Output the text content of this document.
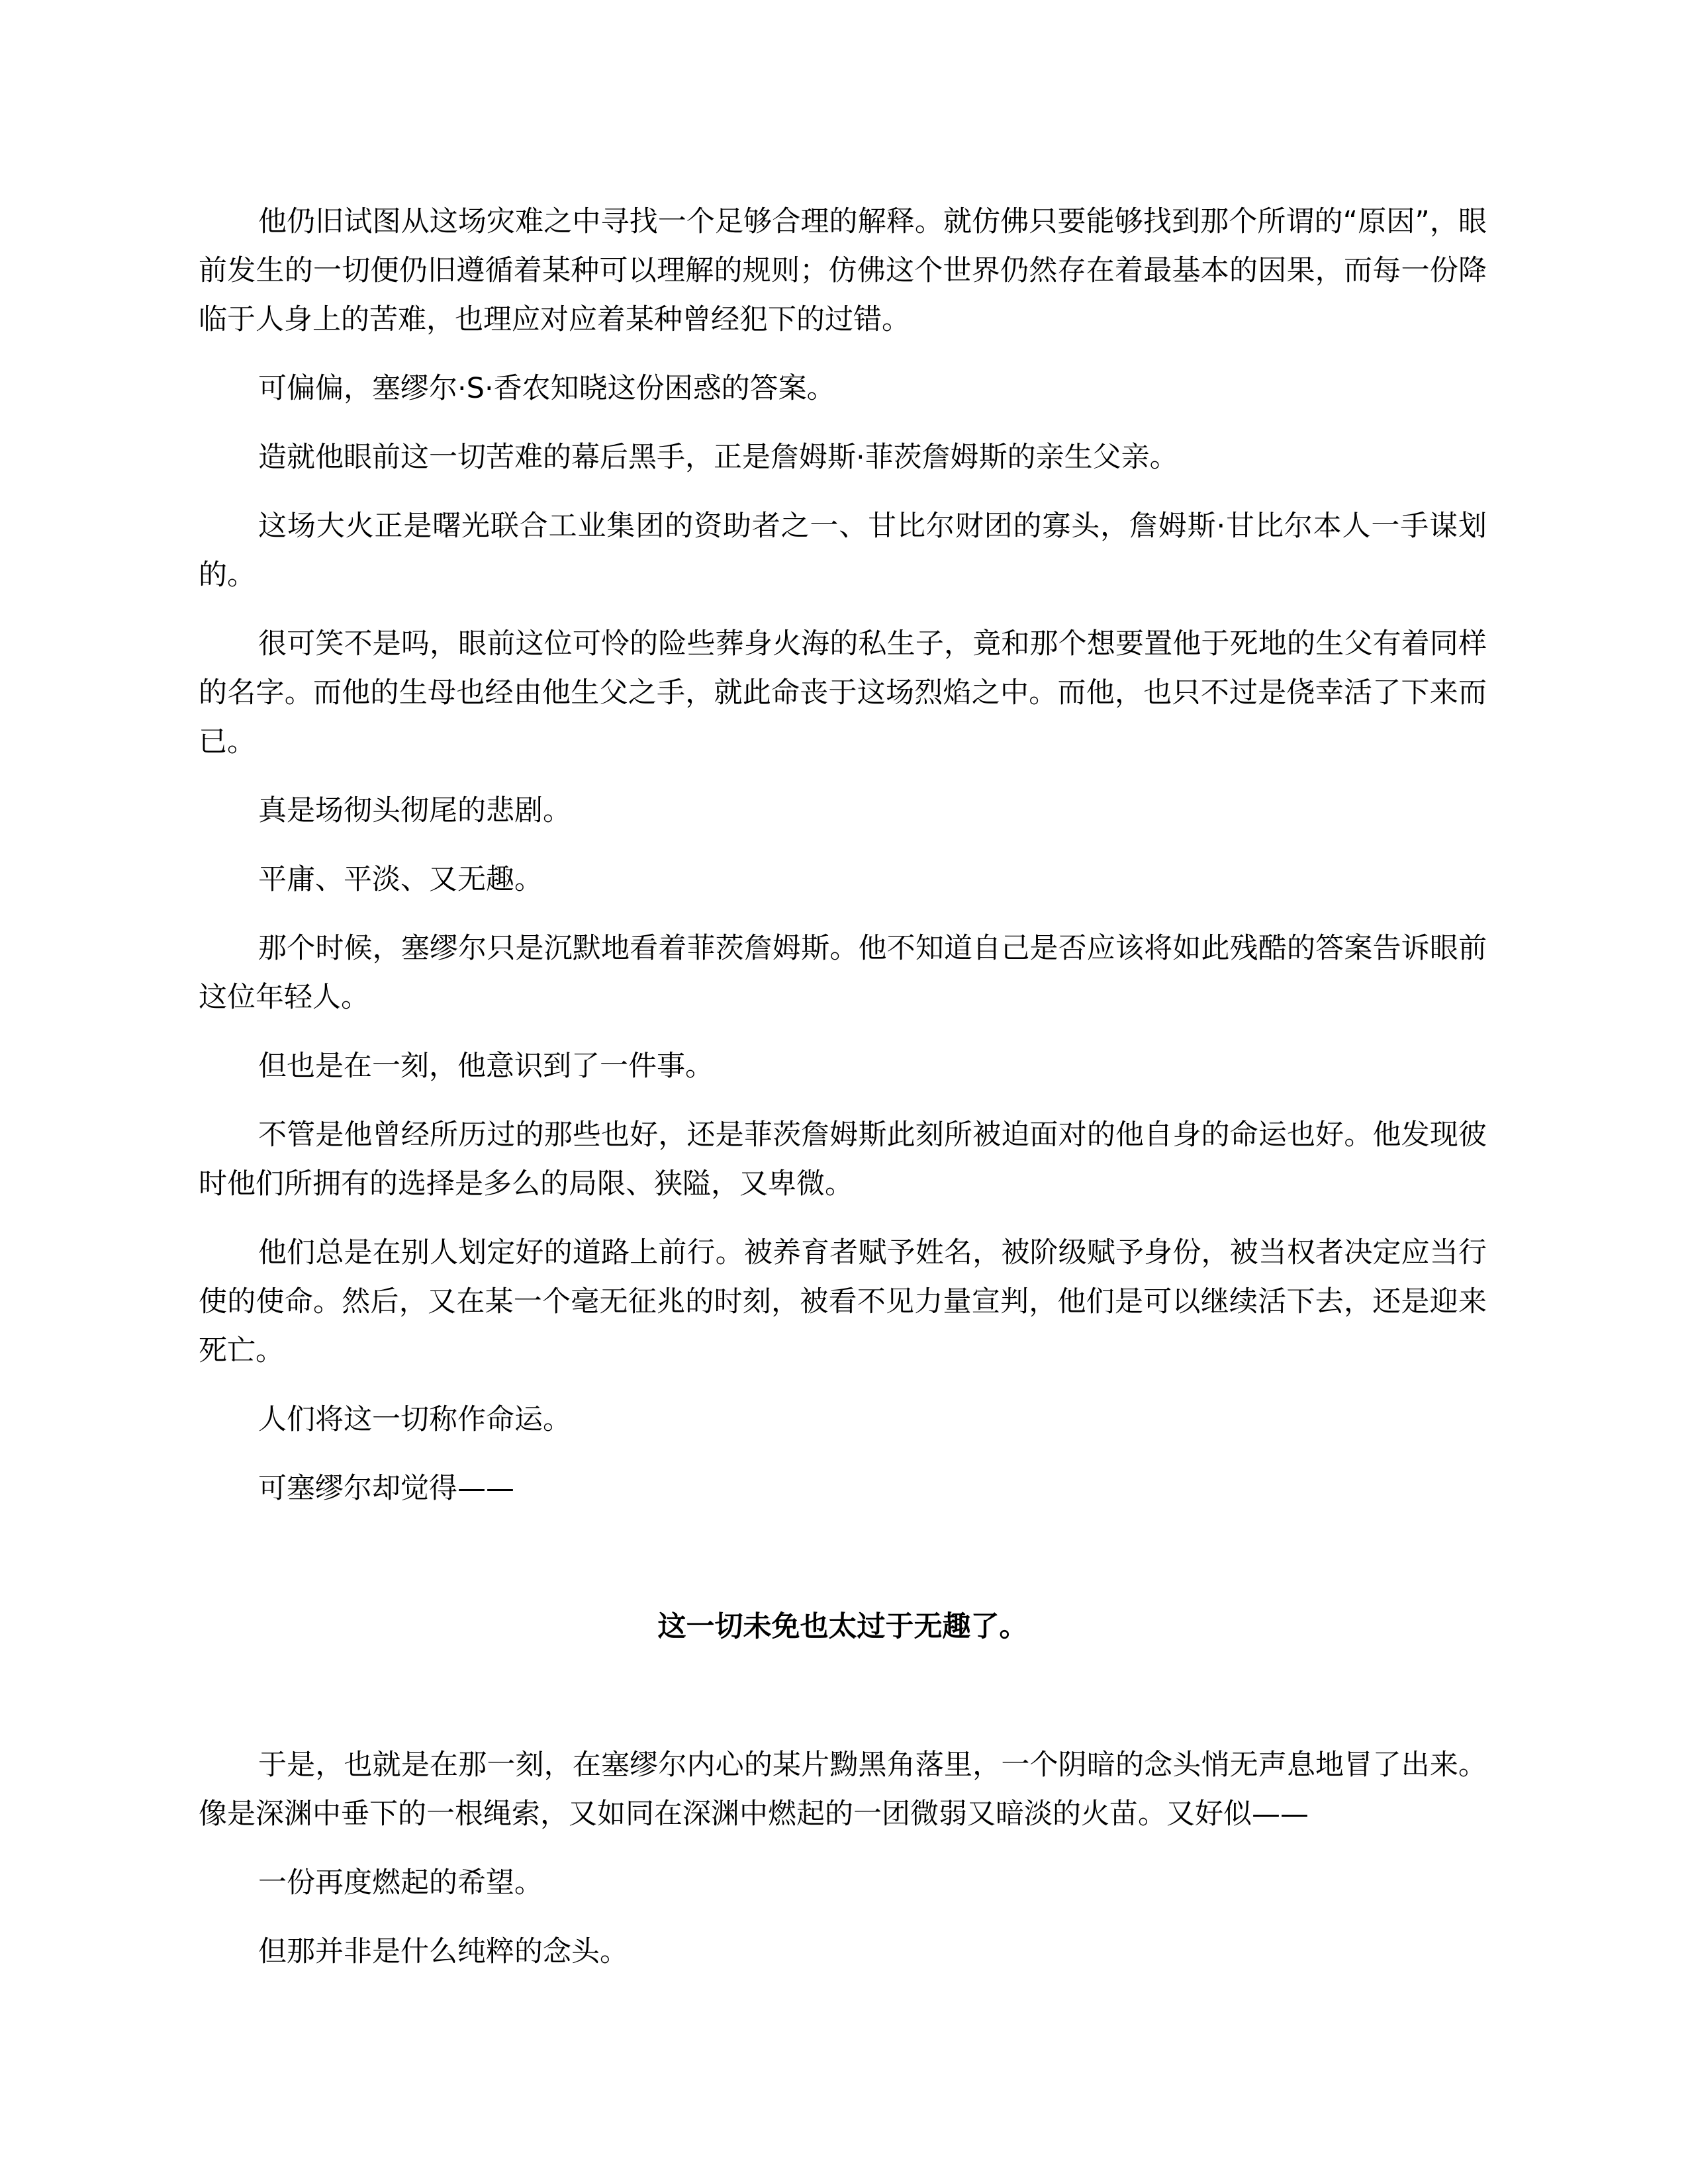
他仍旧试图从这场灾难之中寻找一个足够合理的解释。就仿佛只要能够找到那个所谓的“原因”，眼前发生的一切便仍旧遵循着某种可以理解的规则；仿佛这个世界仍然存在着最基本的因果，而每一份降临于人身上的苦难，也理应对应着某种曾经犯下的过错。

可偏偏，塞缪尔·S·香农知晓这份困惑的答案。

造就他眼前这一切苦难的幕后黑手，正是詹姆斯·菲茨詹姆斯的亲生父亲。

这场大火正是曙光联合工业集团的资助者之一、甘比尔财团的寡头，詹姆斯·甘比尔本人一手谋划的。

很可笑不是吗，眼前这位可怜的险些葬身火海的私生子，竟和那个想要置他于死地的生父有着同样的名字。而他的生母也经由他生父之手，就此命丧于这场烈焰之中。而他，也只不过是侥幸活了下来而已。

真是场彻头彻尾的悲剧。

平庸、平淡、又无趣。

那个时候，塞缪尔只是沉默地看着菲茨詹姆斯。他不知道自己是否应该将如此残酷的答案告诉眼前这位年轻人。

但也是在一刻，他意识到了一件事。

不管是他曾经所历过的那些也好，还是菲茨詹姆斯此刻所被迫面对的他自身的命运也好。他发现彼时他们所拥有的选择是多么的局限、狭隘，又卑微。

他们总是在别人划定好的道路上前行。被养育者赋予姓名，被阶级赋予身份，被当权者决定应当行使的使命。然后，又在某一个毫无征兆的时刻，被看不见力量宣判，他们是可以继续活下去，还是迎来死亡。

人们将这一切称作命运。

可塞缪尔却觉得——

这一切未免也太过于无趣了。

于是，也就是在那一刻，在塞缪尔内心的某片黝黑角落里，一个阴暗的念头悄无声息地冒了出来。像是深渊中垂下的一根绳索，又如同在深渊中燃起的一团微弱又暗淡的火苗。又好似——

一份再度燃起的希望。

但那并非是什么纯粹的念头。
